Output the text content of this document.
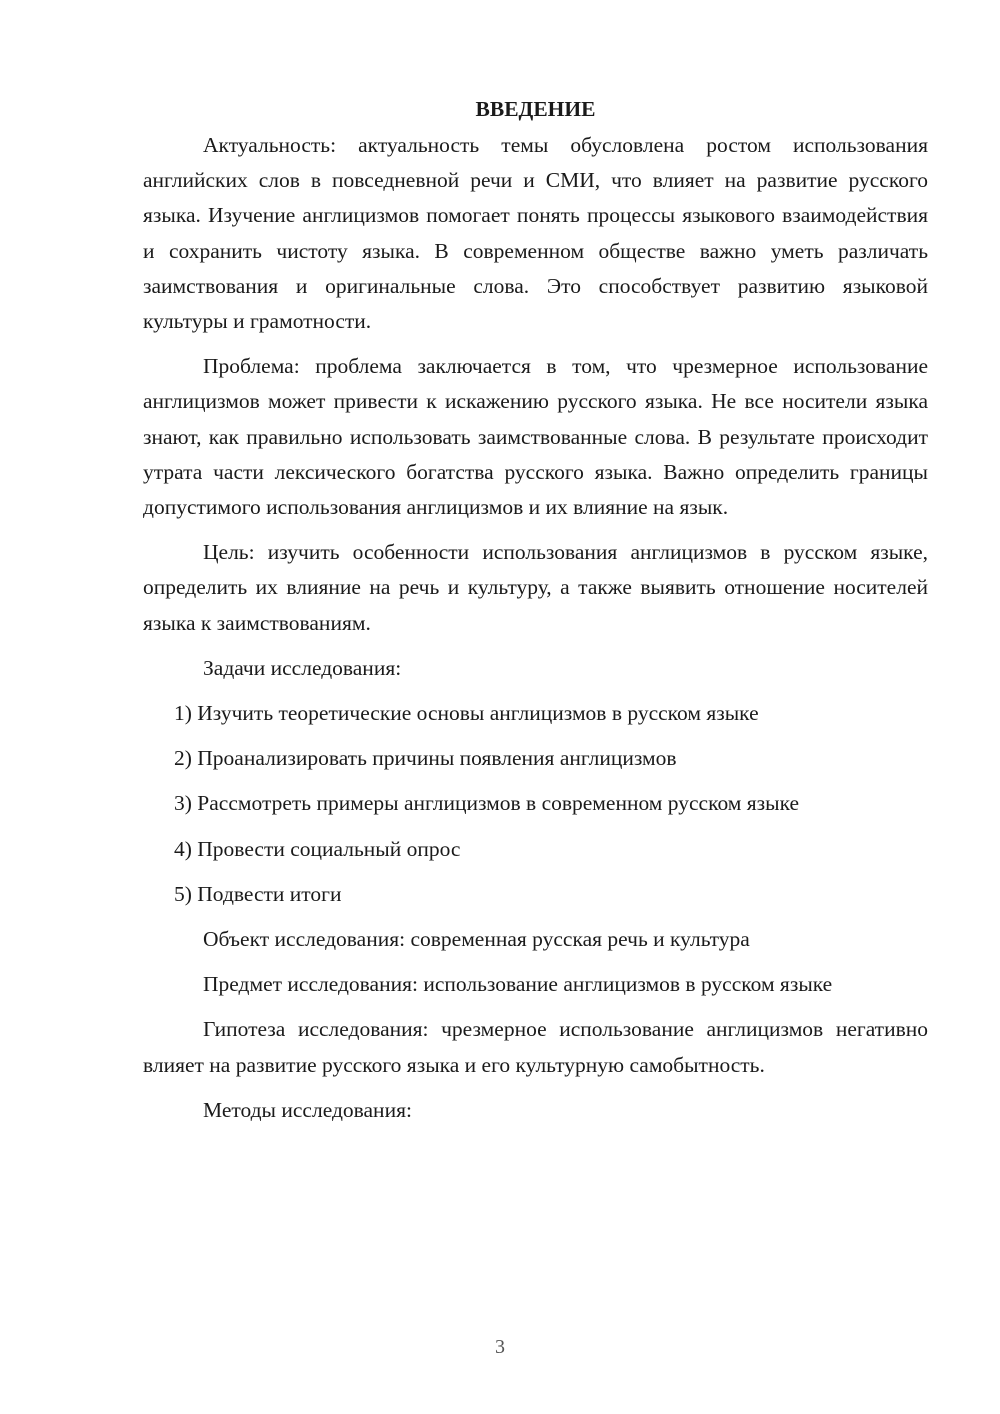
ВВЕДЕНИЕ

Актуальность: актуальность темы обусловлена ростом использования английских слов в повседневной речи и СМИ, что влияет на развитие русского языка. Изучение англицизмов помогает понять процессы языкового взаимодействия и сохранить чистоту языка. В современном обществе важно уметь различать заимствования и оригинальные слова. Это способствует развитию языковой культуры и грамотности.

Проблема: проблема заключается в том, что чрезмерное использование англицизмов может привести к искажению русского языка. Не все носители языка знают, как правильно использовать заимствованные слова. В результате происходит утрата части лексического богатства русского языка. Важно определить границы допустимого использования англицизмов и их влияние на язык.

Цель: изучить особенности использования англицизмов в русском языке, определить их влияние на речь и культуру, а также выявить отношение носителей языка к заимствованиям.

Задачи исследования:

1) Изучить теоретические основы англицизмов в русском языке
2) Проанализировать причины появления англицизмов
3) Рассмотреть примеры англицизмов в современном русском языке
4) Провести социальный опрос
5) Подвести итоги

Объект исследования: современная русская речь и культура

Предмет исследования: использование англицизмов в русском языке

Гипотеза исследования: чрезмерное использование англицизмов негативно влияет на развитие русского языка и его культурную самобытность.

Методы исследования:

3
